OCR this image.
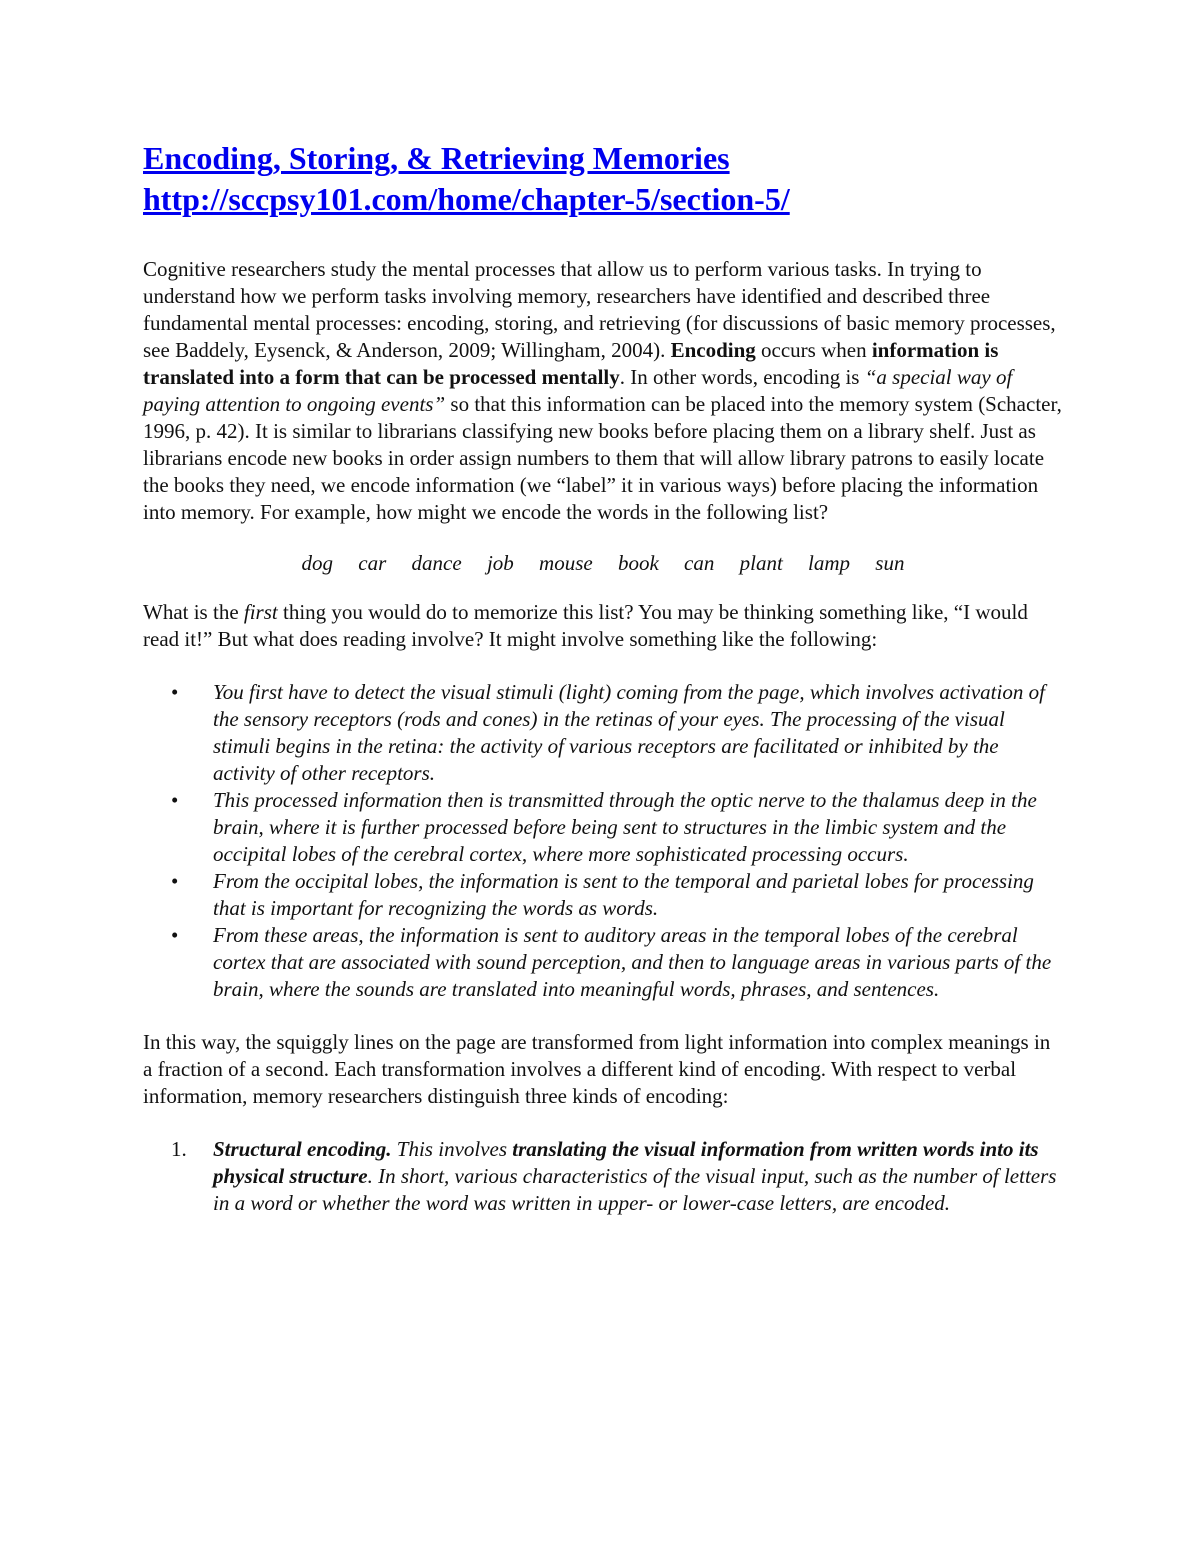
Encoding, Storing, & Retrieving Memories
http://sccpsy101.com/home/chapter-5/section-5/

Cognitive researchers study the mental processes that allow us to perform various tasks. In trying to understand how we perform tasks involving memory, researchers have identified and described three fundamental mental processes: encoding, storing, and retrieving (for discussions of basic memory processes, see Baddely, Eysenck, & Anderson, 2009; Willingham, 2004). Encoding occurs when information is translated into a form that can be processed mentally. In other words, encoding is “a special way of paying attention to ongoing events” so that this information can be placed into the memory system (Schacter, 1996, p. 42). It is similar to librarians classifying new books before placing them on a library shelf. Just as librarians encode new books in order assign numbers to them that will allow library patrons to easily locate the books they need, we encode information (we “label” it in various ways) before placing the information into memory. For example, how might we encode the words in the following list?

dog car dance job mouse book can plant lamp sun

What is the first thing you would do to memorize this list? You may be thinking something like, “I would read it!” But what does reading involve? It might involve something like the following:

• You first have to detect the visual stimuli (light) coming from the page, which involves activation of the sensory receptors (rods and cones) in the retinas of your eyes. The processing of the visual stimuli begins in the retina: the activity of various receptors are facilitated or inhibited by the activity of other receptors.
• This processed information then is transmitted through the optic nerve to the thalamus deep in the brain, where it is further processed before being sent to structures in the limbic system and the occipital lobes of the cerebral cortex, where more sophisticated processing occurs.
• From the occipital lobes, the information is sent to the temporal and parietal lobes for processing that is important for recognizing the words as words.
• From these areas, the information is sent to auditory areas in the temporal lobes of the cerebral cortex that are associated with sound perception, and then to language areas in various parts of the brain, where the sounds are translated into meaningful words, phrases, and sentences.

In this way, the squiggly lines on the page are transformed from light information into complex meanings in a fraction of a second. Each transformation involves a different kind of encoding. With respect to verbal information, memory researchers distinguish three kinds of encoding:

1. Structural encoding. This involves translating the visual information from written words into its physical structure. In short, various characteristics of the visual input, such as the number of letters in a word or whether the word was written in upper- or lower-case letters, are encoded.
